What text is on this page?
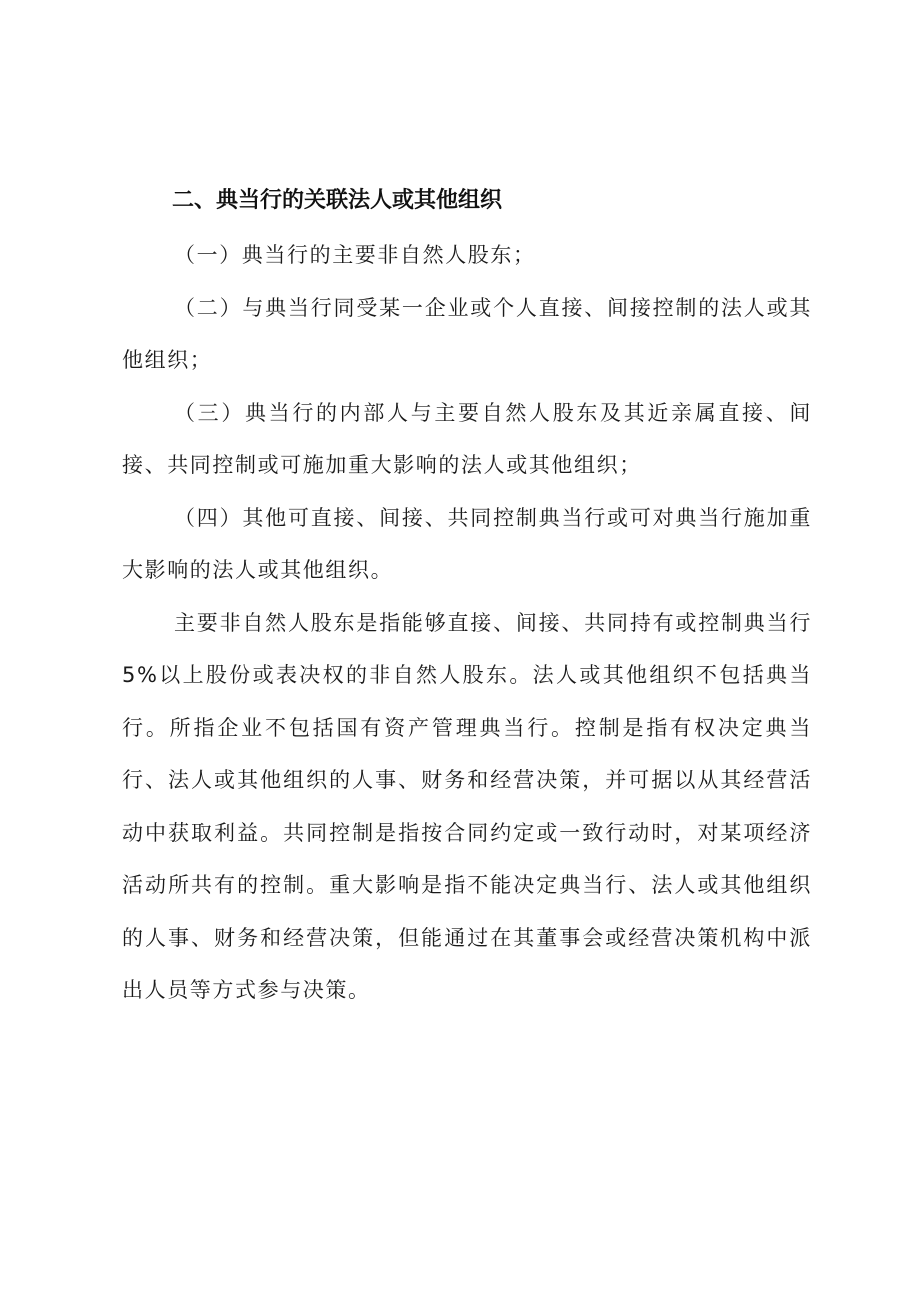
二、典当行的关联法人或其他组织

（一）典当行的主要非自然人股东；

（二）与典当行同受某一企业或个人直接、间接控制的法人或其他组织；

（三）典当行的内部人与主要自然人股东及其近亲属直接、间接、共同控制或可施加重大影响的法人或其他组织；

（四）其他可直接、间接、共同控制典当行或可对典当行施加重大影响的法人或其他组织。

主要非自然人股东是指能够直接、间接、共同持有或控制典当行5%以上股份或表决权的非自然人股东。法人或其他组织不包括典当行。所指企业不包括国有资产管理典当行。控制是指有权决定典当行、法人或其他组织的人事、财务和经营决策，并可据以从其经营活动中获取利益。共同控制是指按合同约定或一致行动时，对某项经济活动所共有的控制。重大影响是指不能决定典当行、法人或其他组织的人事、财务和经营决策，但能通过在其董事会或经营决策机构中派出人员等方式参与决策。
